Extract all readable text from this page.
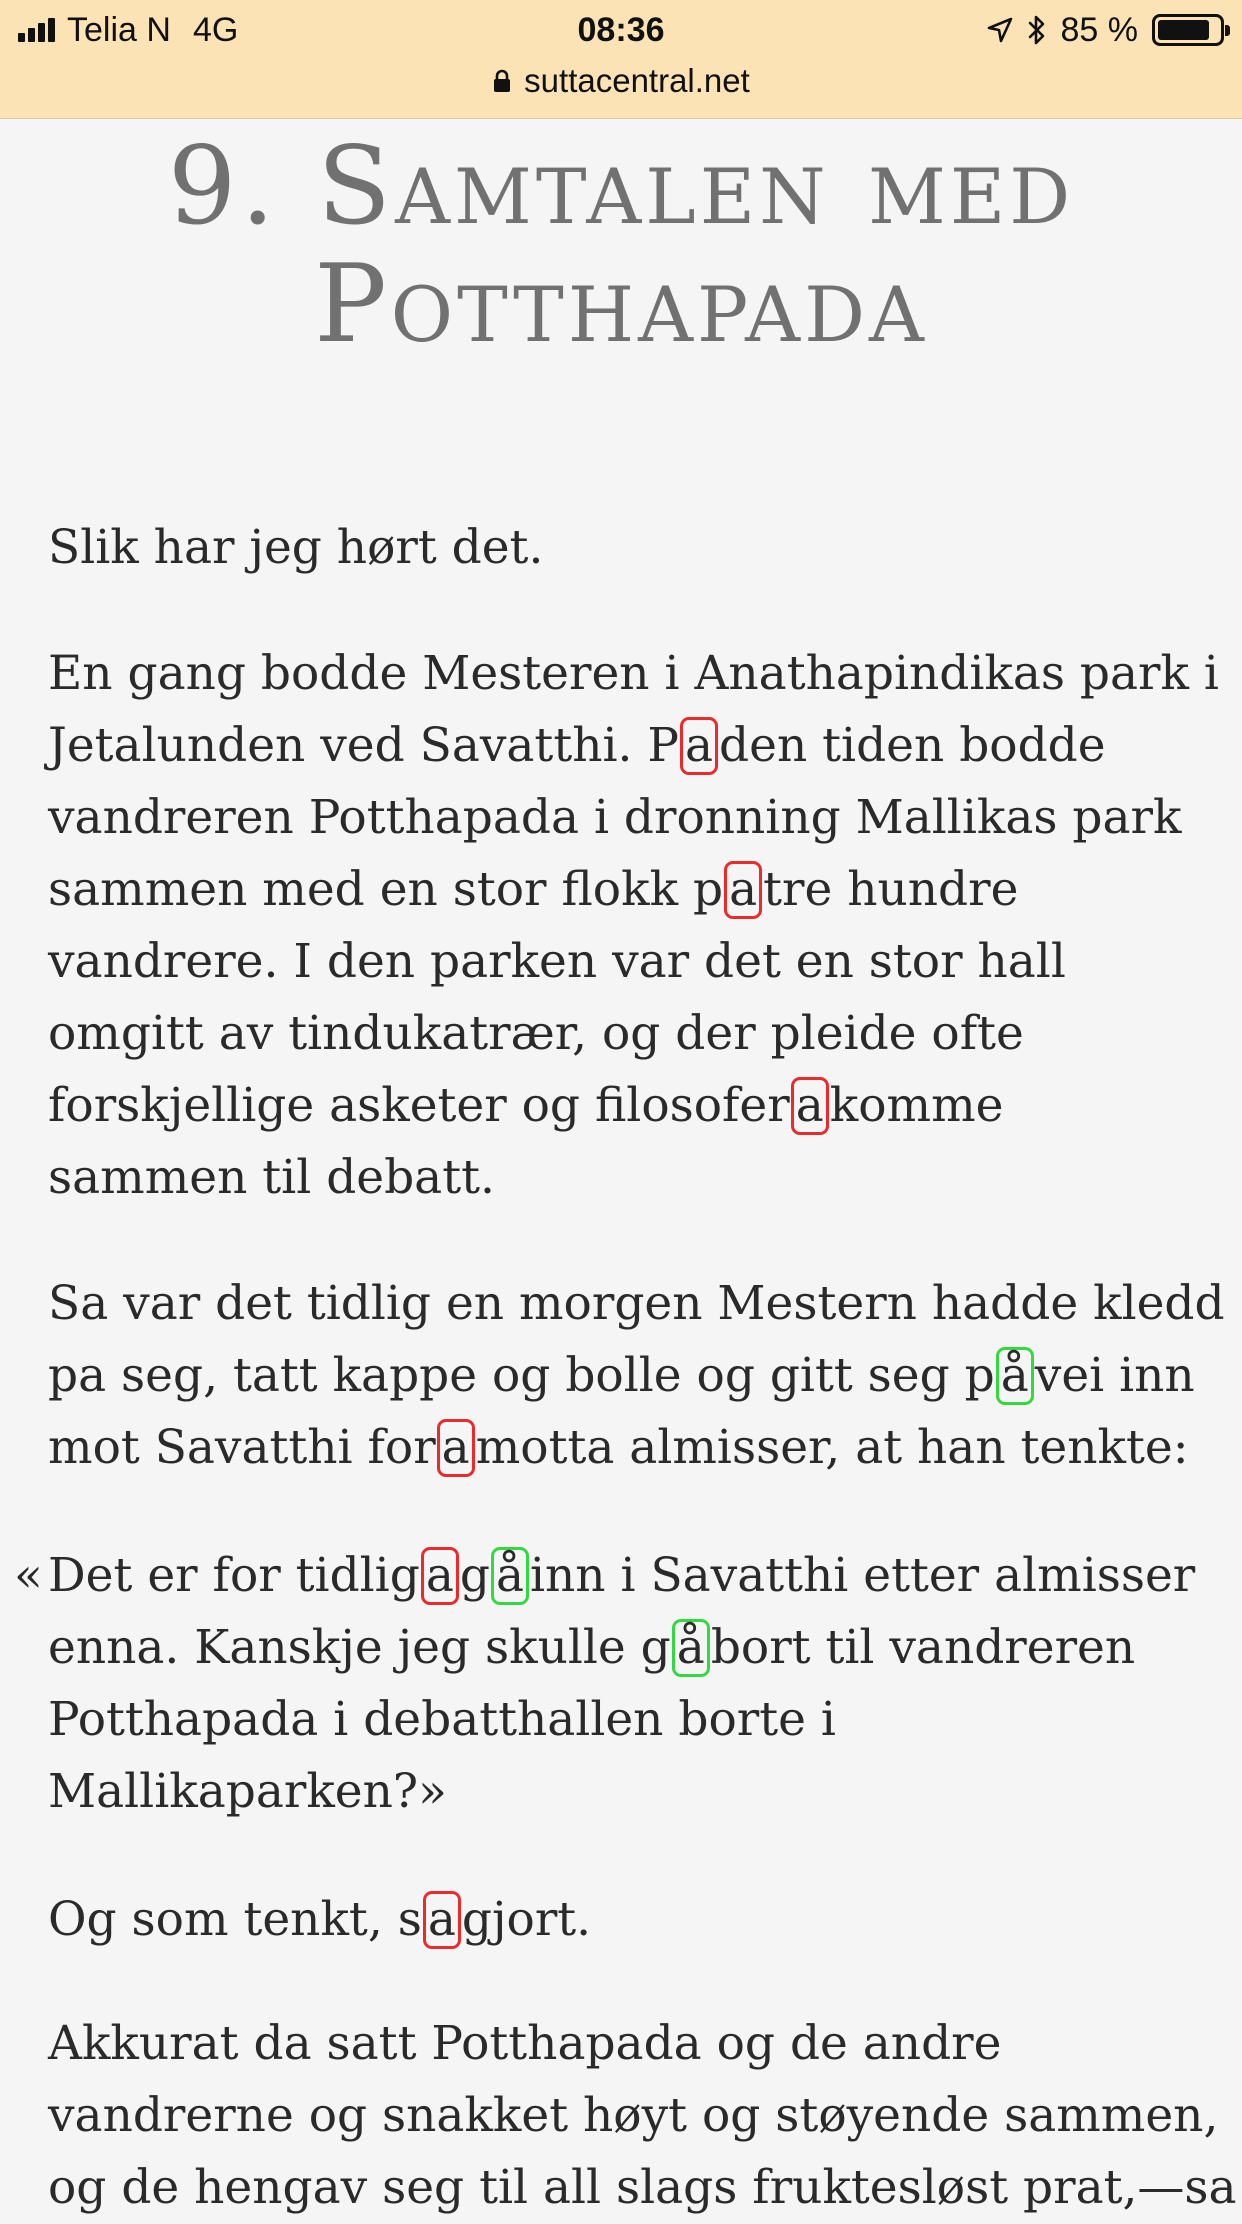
Telia N 4G	08:36	85 %
suttacentral.net
9. Samtalen med
Potthapada
Slik har jeg hørt det.
En gang bodde Mesteren i Anathapindikas park i
Jetalunden ved Savatthi. P a den tiden bodde
vandreren Potthapada i dronning Mallikas park
sammen med en stor flokk p a tre hundre
vandrere. I den parken var det en stor hall
omgitt av tindukatrær, og der pleide ofte
forskjellige asketer og filosofer a komme
sammen til debatt.
Sa var det tidlig en morgen Mestern hadde kledd
pa seg, tatt kappe og bolle og gitt seg p å vei inn
mot Savatthi for a motta almisser, at han tenkte:
« Det er for tidlig a g å inn i Savatthi etter almisser
enna. Kanskje jeg skulle g å bort til vandreren
Potthapada i debatthallen borte i
Mallikaparken?»
Og som tenkt, s a gjort.
Akkurat da satt Potthapada og de andre
vandrerne og snakket høyt og støyende sammen,
og de hengav seg til all slags fruktesløst prat,—sa
